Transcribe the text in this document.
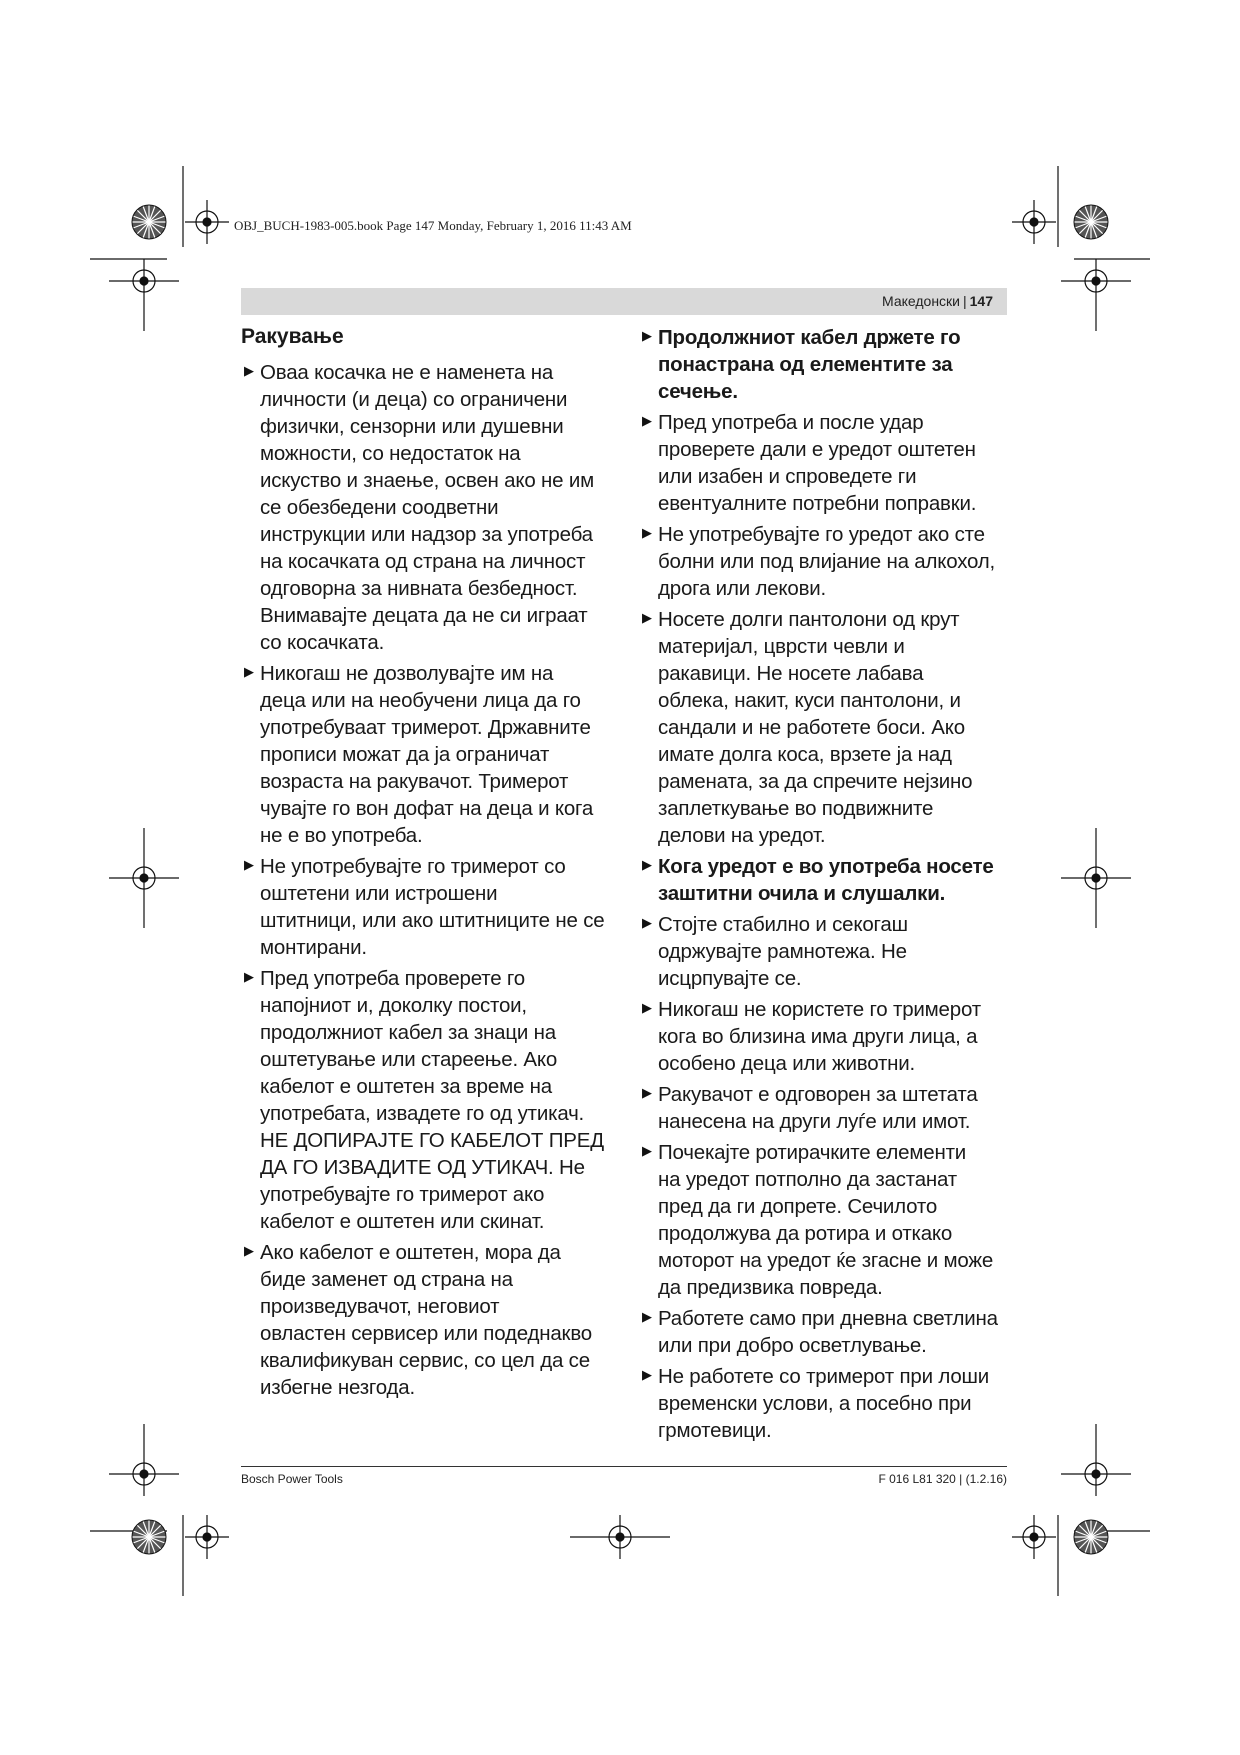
OBJ_BUCH-1983-005.book Page 147 Monday, February 1, 2016 11:43 AM
Македонски | 147
Ракување
▶ Оваа косачка не е наменета на
личности (и деца) со ограничени
физички, сензорни или душевни
можности, со недостаток на
искуство и знаење, освен ако не им
се обезбедени соодветни
инструкции или надзор за употреба
на косачката од страна на личност
одговорна за нивната безбедност.
Внимавајте децата да не си играат
со косачката.
▶ Никогаш не дозволувајте им на
деца или на необучени лица да го
употребуваат тримерот. Државните
прописи можат да ја ограничат
возраста на ракувачот. Тримерот
чувајте го вон дофат на деца и кога
не е во употреба.
▶ Не употребувајте го тримерот со
оштетени или истрошени
штитници, или ако штитниците не се
монтирани.
▶ Пред употреба проверете го
напојниот и, доколку постои,
продолжниот кабел за знаци на
оштетување или стареење. Ако
кабелот е оштетен за време на
употребата, извадете го од утикач.
НЕ ДОПИРАЈТЕ ГО КАБЕЛОТ ПРЕД
ДА ГО ИЗВАДИТЕ ОД УТИКАЧ. Не
употребувајте го тримерот ако
кабелот е оштетен или скинат.
▶ Ако кабелот е оштетен, мора да
биде заменет од страна на
произведувачот, неговиот
овластен сервисер или подеднакво
квалификуван сервис, со цел да се
избегне незгода.
▶ Продолжниот кабел држете го
понастрана од елементите за
сечење.
▶ Пред употреба и после удар
проверете дали е уредот оштетен
или изабен и спроведете ги
евентуалните потребни поправки.
▶ Не употребувајте го уредот ако сте
болни или под влијание на алкохол,
дрога или лекови.
▶ Носете долги пантолони од крут
материјал, цврсти чевли и
ракавици. Не носете лабава
облека, накит, куси пантолони, и
сандали и не работете боси. Ако
имате долга коса, врзете ја над
рамената, за да спречите нејзино
заплеткување во подвижните
делови на уредот.
▶ Кога уредот е во употреба носете
заштитни очила и слушалки.
▶ Стојте стабилно и секогаш
одржувајте рамнотежа. Не
исцрпувајте се.
▶ Никогаш не користете го тримерот
кога во близина има други лица, а
особено деца или животни.
▶ Ракувачот е одговорен за штетата
нанесена на други луѓе или имот.
▶ Почекајте ротирачките елементи
на уредот потполно да застанат
пред да ги допрете. Сечилото
продолжува да ротира и откако
моторот на уредот ќе згасне и може
да предизвика повреда.
▶ Работете само при дневна светлина
или при добро осветлување.
▶ Не работете со тримерот при лоши
временски услови, а посебно при
грмотевици.
Bosch Power Tools	F 016 L81 320 | (1.2.16)
